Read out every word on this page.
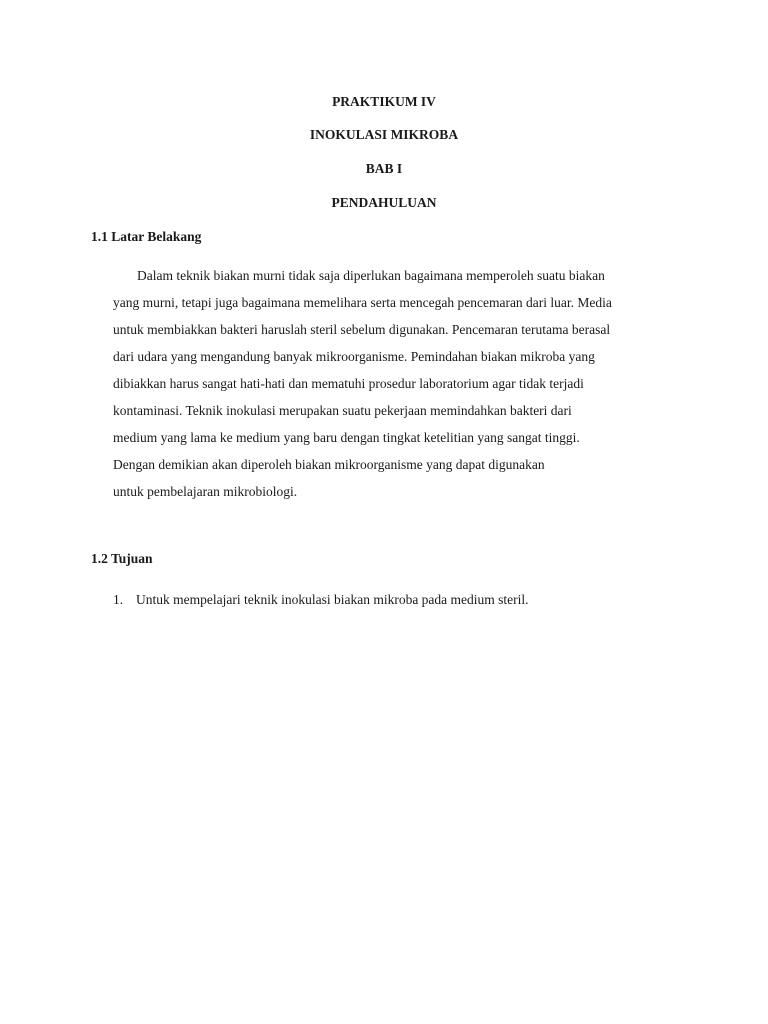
PRAKTIKUM IV
INOKULASI MIKROBA
BAB I
PENDAHULUAN
1.1 Latar Belakang
Dalam teknik biakan murni tidak saja diperlukan bagaimana memperoleh suatu biakan
yang murni, tetapi juga bagaimana memelihara serta mencegah pencemaran dari luar. Media
untuk membiakkan bakteri haruslah steril sebelum digunakan. Pencemaran terutama berasal
dari udara yang mengandung banyak mikroorganisme. Pemindahan biakan mikroba yang
dibiakkan harus sangat hati-hati dan mematuhi prosedur laboratorium agar tidak terjadi
kontaminasi. Teknik inokulasi merupakan suatu pekerjaan memindahkan bakteri dari
medium yang lama ke medium yang baru dengan tingkat ketelitian yang sangat tinggi.
Dengan demikian akan diperoleh biakan mikroorganisme yang dapat digunakan
untuk pembelajaran mikrobiologi.
1.2 Tujuan
1. Untuk mempelajari teknik inokulasi biakan mikroba pada medium steril.
